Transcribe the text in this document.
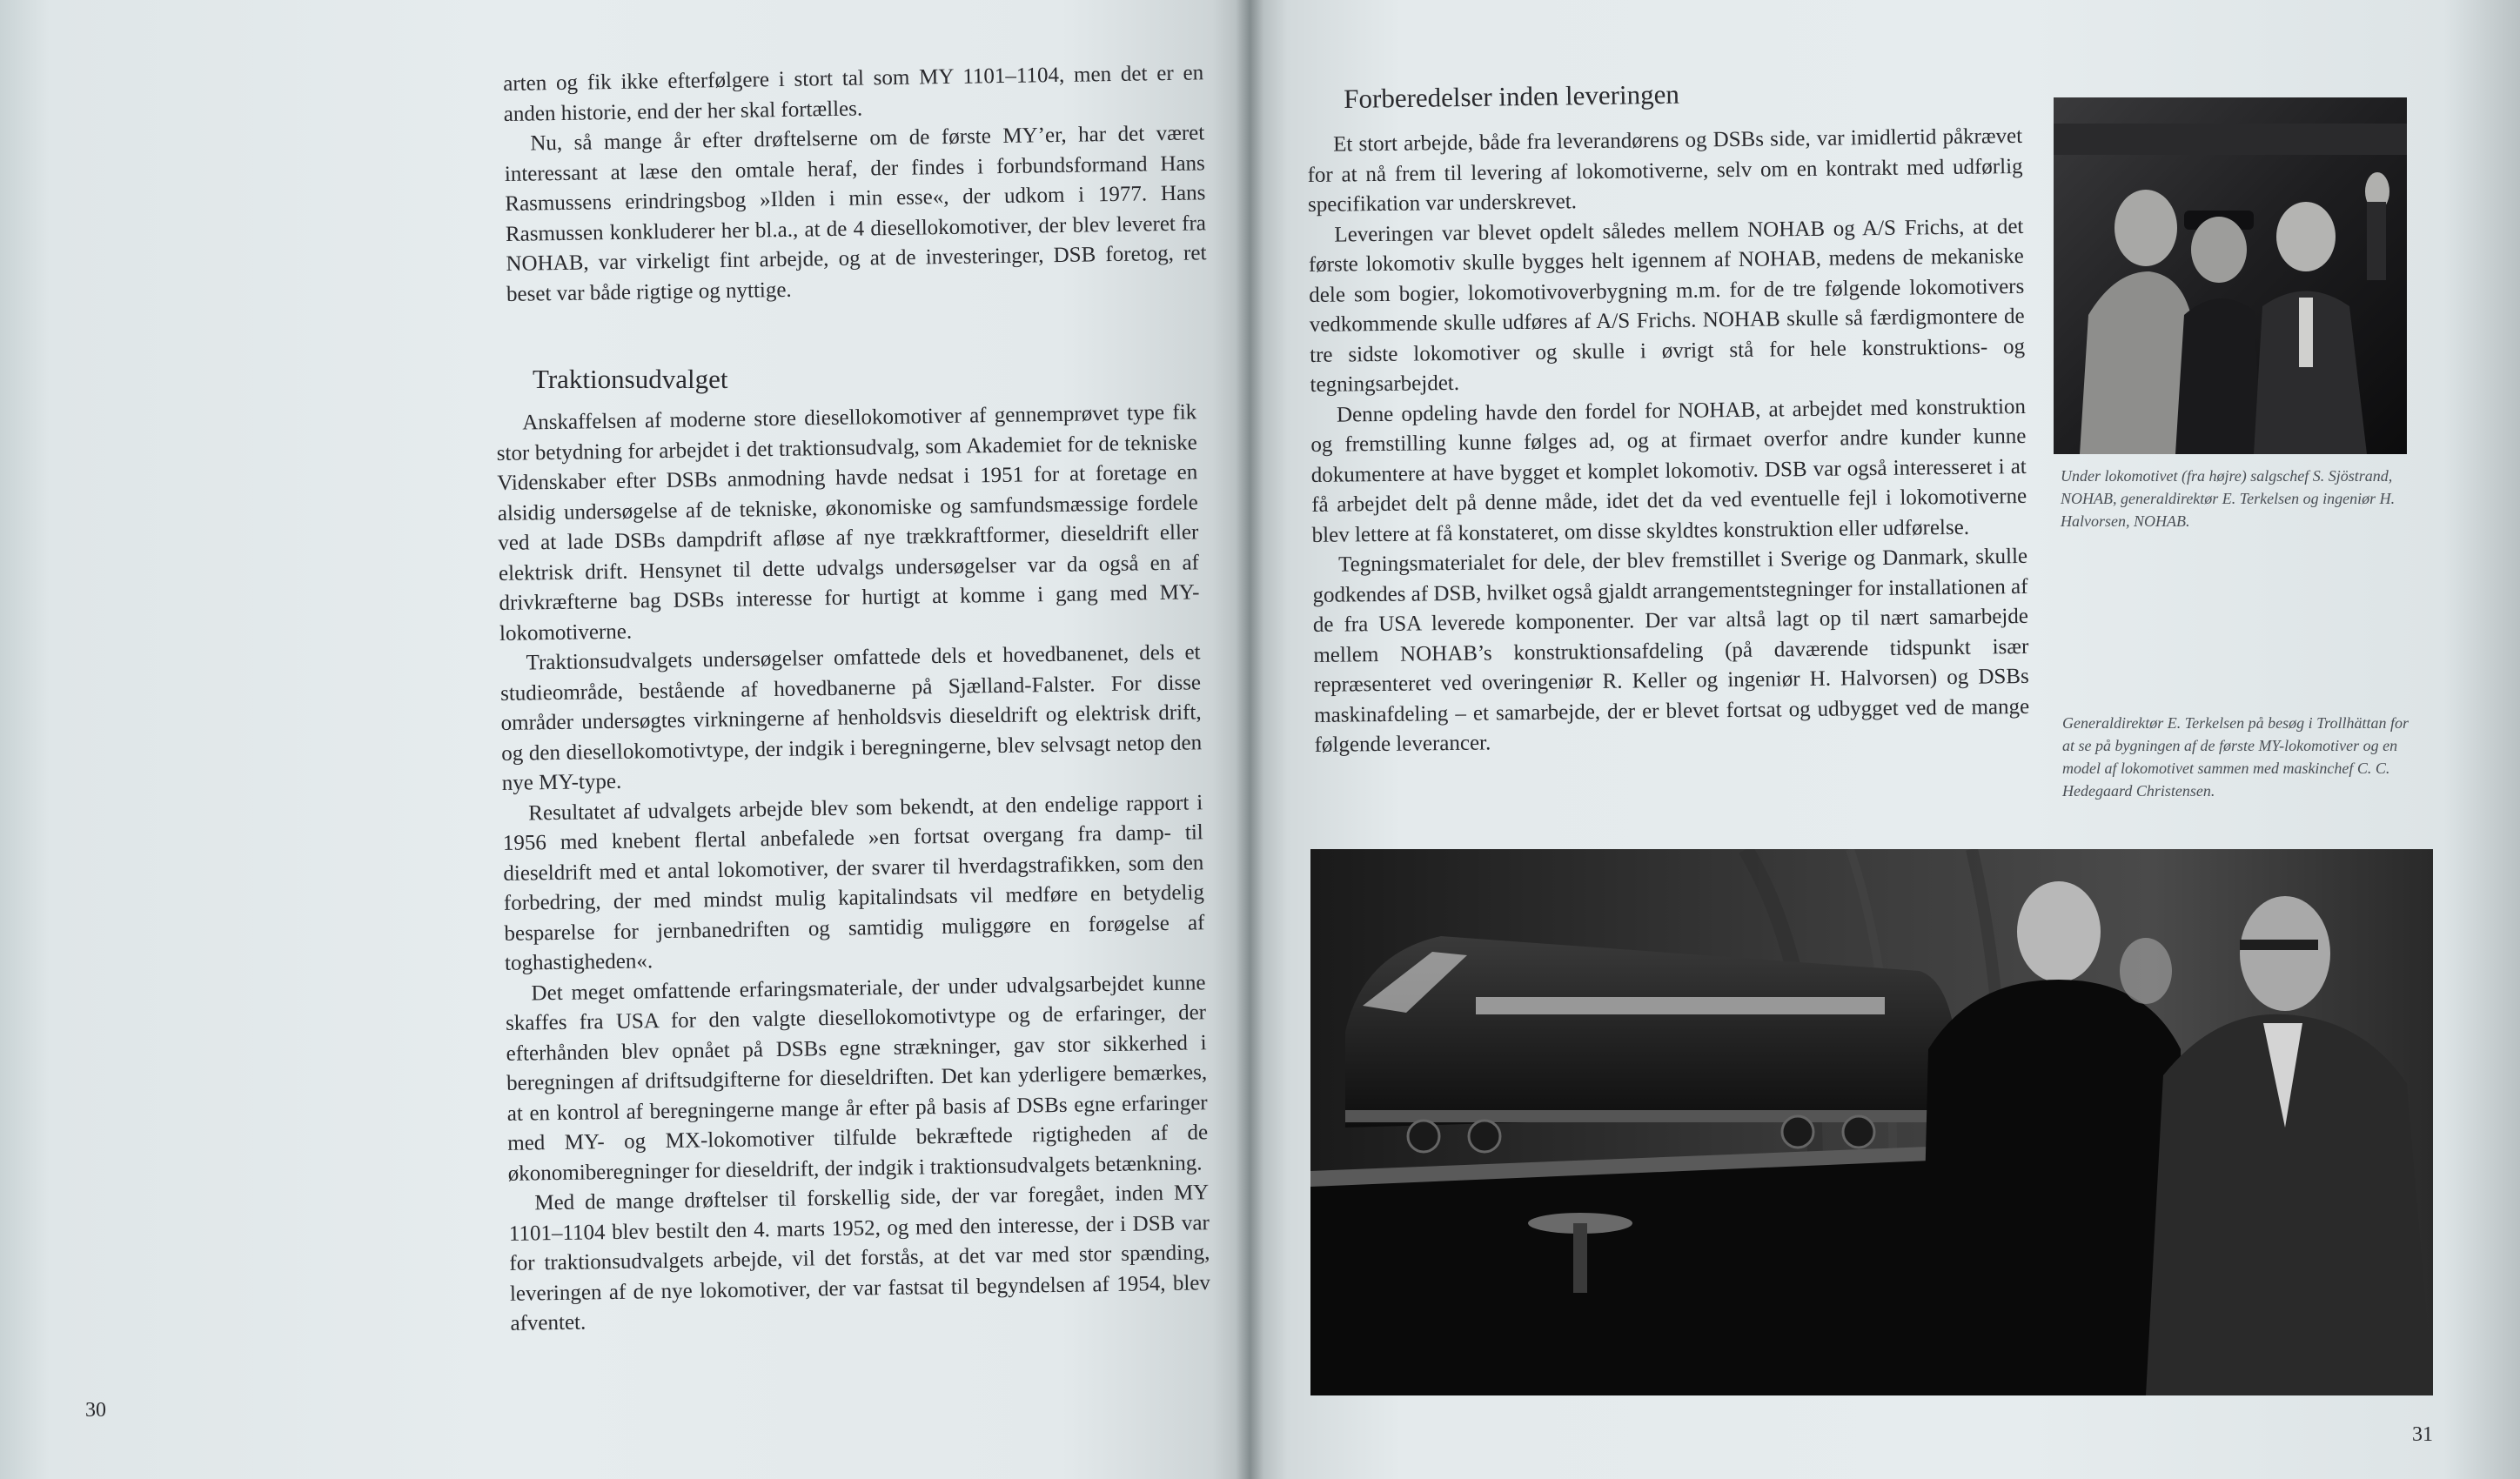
arten og fik ikke efterfølgere i stort tal som MY 1101–1104, men det er en anden historie, end der her skal fortælles.

Nu, så mange år efter drøftelserne om de første MY’er, har det været interessant at læse den omtale heraf, der findes i forbundsformand Hans Rasmussens erindringsbog »Ilden i min esse«, der udkom i 1977. Hans Rasmussen konkluderer her bl.a., at de 4 diesellokomotiver, der blev leveret fra NOHAB, var virkeligt fint arbejde, og at de investeringer, DSB foretog, ret beset var både rigtige og nyttige.

Traktionsudvalget

Anskaffelsen af moderne store diesellokomotiver af gennemprøvet type fik stor betydning for arbejdet i det traktionsudvalg, som Akademiet for de tekniske Videnskaber efter DSBs anmodning havde nedsat i 1951 for at foretage en alsidig undersøgelse af de tekniske, økonomiske og samfundsmæssige fordele ved at lade DSBs dampdrift afløse af nye trækkraftformer, dieseldrift eller elektrisk drift. Hensynet til dette udvalgs undersøgelser var da også en af drivkræfterne bag DSBs interesse for hurtigt at komme i gang med MY-lokomotiverne.

Traktionsudvalgets undersøgelser omfattede dels et hovedbanenet, dels et studieområde, bestående af hovedbanerne på Sjælland-Falster. For disse områder undersøgtes virkningerne af henholdsvis dieseldrift og elektrisk drift, og den diesellokomotivtype, der indgik i beregningerne, blev selvsagt netop den nye MY-type.

Resultatet af udvalgets arbejde blev som bekendt, at den endelige rapport i 1956 med knebent flertal anbefalede »en fortsat overgang fra damp- til dieseldrift med et antal lokomotiver, der svarer til hverdagstrafikken, som den forbedring, der med mindst mulig kapitalindsats vil medføre en betydelig besparelse for jernbanedriften og samtidig muliggøre en forøgelse af toghastigheden«.

Det meget omfattende erfaringsmateriale, der under udvalgsarbejdet kunne skaffes fra USA for den valgte diesellokomotivtype og de erfaringer, der efterhånden blev opnået på DSBs egne strækninger, gav stor sikkerhed i beregningen af driftsudgifterne for dieseldriften. Det kan yderligere bemærkes, at en kontrol af beregningerne mange år efter på basis af DSBs egne erfaringer med MY- og MX-lokomotiver tilfulde bekræftede rigtigheden af de økonomiberegninger for dieseldrift, der indgik i traktionsudvalgets betænkning.

Med de mange drøftelser til forskellig side, der var foregået, inden MY 1101–1104 blev bestilt den 4. marts 1952, og med den interesse, der i DSB var for traktionsudvalgets arbejde, vil det forstås, at det var med stor spænding, leveringen af de nye lokomotiver, der var fastsat til begyndelsen af 1954, blev afventet.

30
Forberedelser inden leveringen

Et stort arbejde, både fra leverandørens og DSBs side, var imidlertid påkrævet for at nå frem til levering af lokomotiverne, selv om en kontrakt med udførlig specifikation var underskrevet.

Leveringen var blevet opdelt således mellem NOHAB og A/S Frichs, at det første lokomotiv skulle bygges helt igennem af NOHAB, medens de mekaniske dele som bogier, lokomotivoverbygning m.m. for de tre følgende lokomotivers vedkommende skulle udføres af A/S Frichs. NOHAB skulle så færdigmontere de tre sidste lokomotiver og skulle i øvrigt stå for hele konstruktions- og tegningsarbejdet.

Denne opdeling havde den fordel for NOHAB, at arbejdet med konstruktion og fremstilling kunne følges ad, og at firmaet overfor andre kunder kunne dokumentere at have bygget et komplet lokomotiv. DSB var også interesseret i at få arbejdet delt på denne måde, idet det da ved eventuelle fejl i lokomotiverne blev lettere at få konstateret, om disse skyldtes konstruktion eller udførelse.

Tegningsmaterialet for dele, der blev fremstillet i Sverige og Danmark, skulle godkendes af DSB, hvilket også gjaldt arrangementstegninger for installationen af de fra USA leverede komponenter. Der var altså lagt op til nært samarbejde mellem NOHAB’s konstruktionsafdeling (på daværende tidspunkt især repræsenteret ved overingeniør R. Keller og ingeniør H. Halvorsen) og DSBs maskinafdeling – et samarbejde, der er blevet fortsat og udbygget ved de mange følgende leverancer.

Under lokomotivet (fra højre) salgschef S. Sjöstrand, NOHAB, generaldirektør E. Terkelsen og ingeniør H. Halvorsen, NOHAB.
Generaldirektør E. Terkelsen på besøg i Trollhättan for at se på bygningen af de første MY-lokomotiver og en model af lokomotivet sammen med maskinchef C. C. Hedegaard Christensen.
31
